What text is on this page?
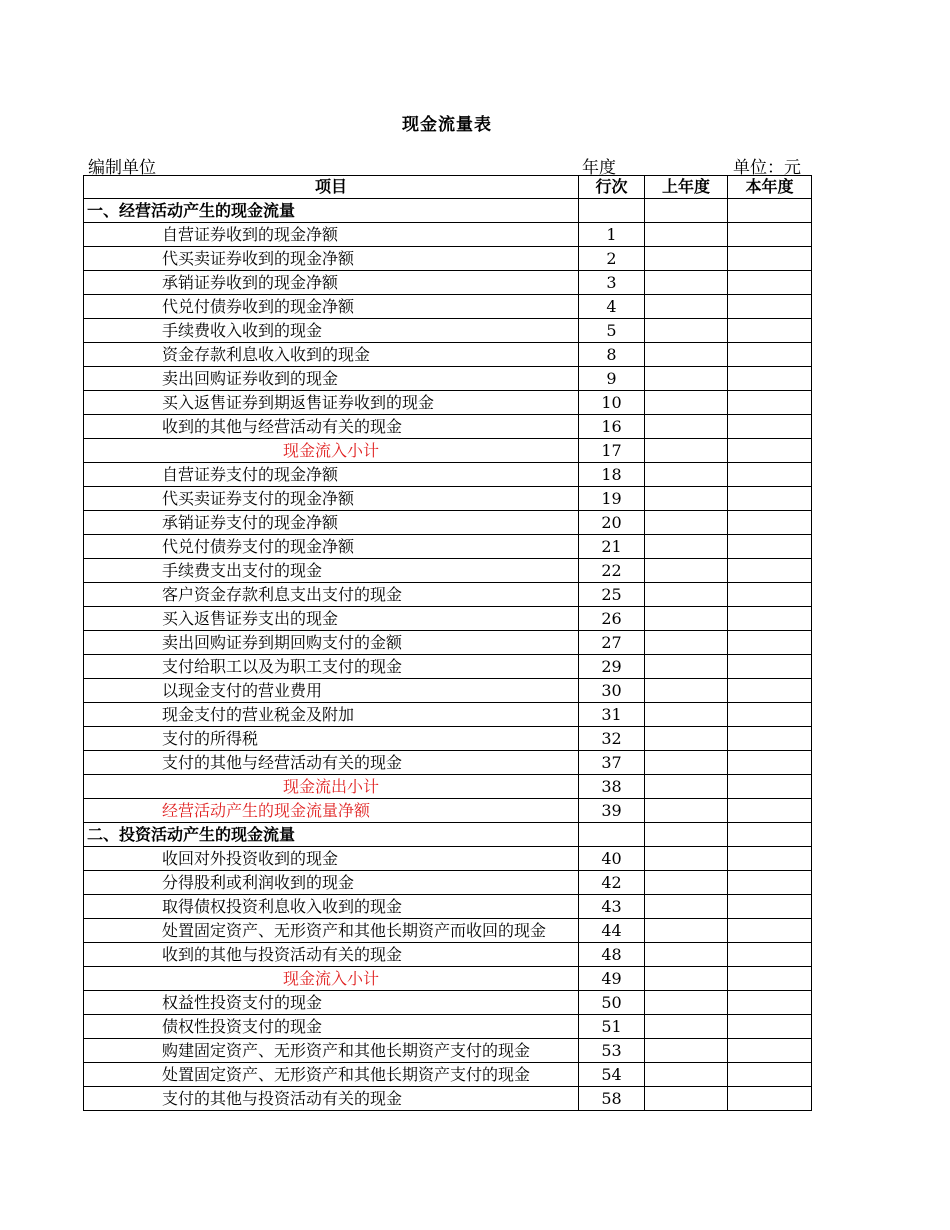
现金流量表
编制单位	年度	单位：元
项目	行次	上年度	本年度
一、经营活动产生的现金流量			
自营证券收到的现金净额	1		
代买卖证券收到的现金净额	2		
承销证券收到的现金净额	3		
代兑付债券收到的现金净额	4		
手续费收入收到的现金	5		
资金存款利息收入收到的现金	8		
卖出回购证券收到的现金	9		
买入返售证券到期返售证券收到的现金	10		
收到的其他与经营活动有关的现金	16		
现金流入小计	17		
自营证券支付的现金净额	18		
代买卖证券支付的现金净额	19		
承销证券支付的现金净额	20		
代兑付债券支付的现金净额	21		
手续费支出支付的现金	22		
客户资金存款利息支出支付的现金	25		
买入返售证券支出的现金	26		
卖出回购证券到期回购支付的金额	27		
支付给职工以及为职工支付的现金	29		
以现金支付的营业费用	30		
现金支付的营业税金及附加	31		
支付的所得税	32		
支付的其他与经营活动有关的现金	37		
现金流出小计	38		
经营活动产生的现金流量净额	39		
二、投资活动产生的现金流量			
收回对外投资收到的现金	40		
分得股利或利润收到的现金	42		
取得债权投资利息收入收到的现金	43		
处置固定资产、无形资产和其他长期资产而收回的现金	44		
收到的其他与投资活动有关的现金	48		
现金流入小计	49		
权益性投资支付的现金	50		
债权性投资支付的现金	51		
购建固定资产、无形资产和其他长期资产支付的现金	53		
处置固定资产、无形资产和其他长期资产支付的现金	54		
支付的其他与投资活动有关的现金	58		
